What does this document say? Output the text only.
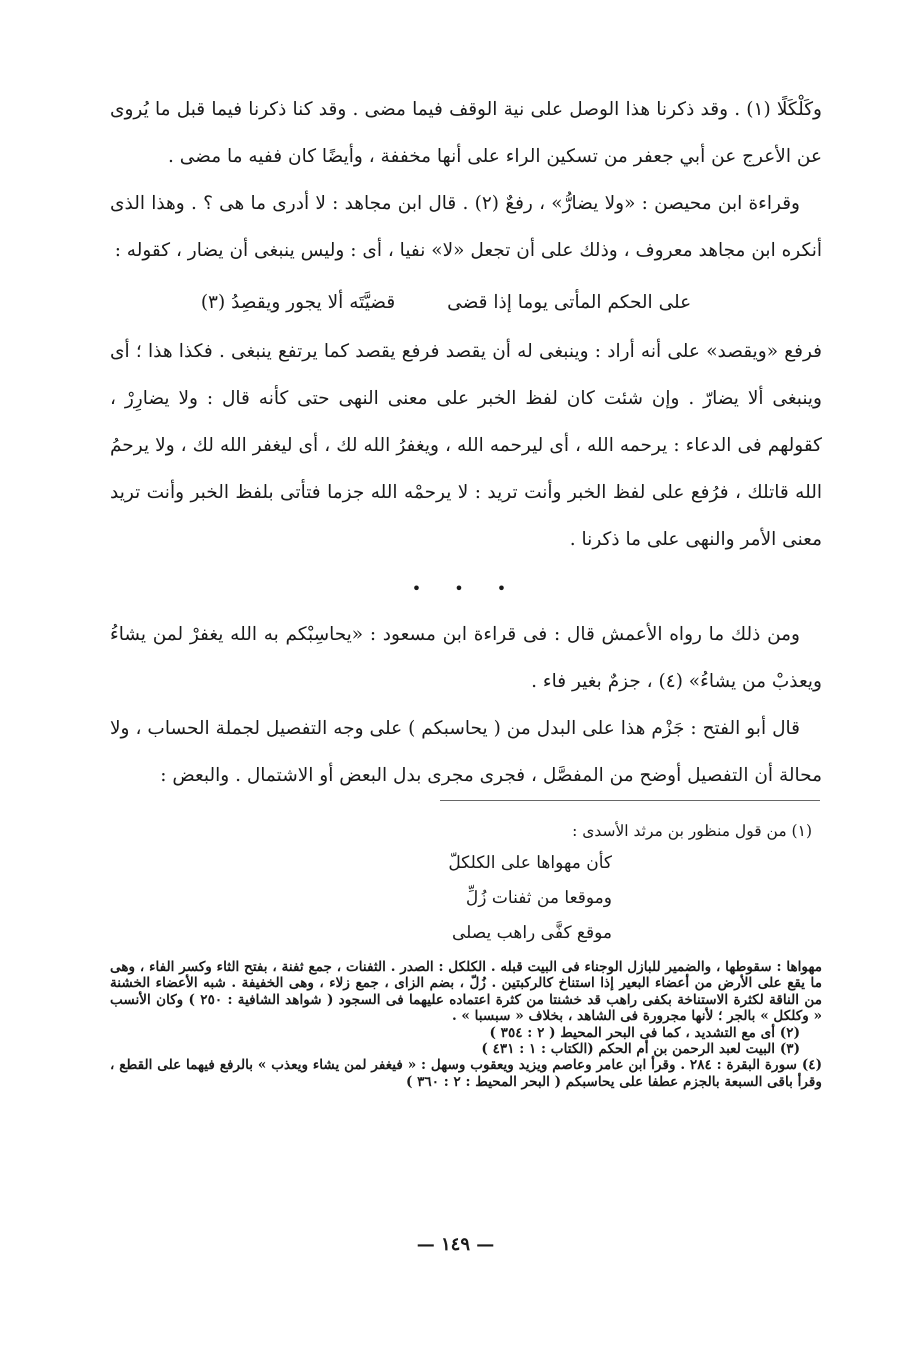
وكَلْكَلًا (١) . وقد ذكرنا هذا الوصل على نية الوقف فيما مضى . وقد كنا ذكرنا فيما قبل ما يُروى عن الأعرج عن أبي جعفر من تسكين الراء على أنها مخففة ، وأيضًا كان ففيه ما مضى .

وقراءة ابن محيصن : «ولا يضارُّ» ، رفعٌ (٢) . قال ابن مجاهد : لا أدرى ما هى ؟ . وهذا الذى أنكره ابن مجاهد معروف ، وذلك على أن تجعل «لا» نفيا ، أى : وليس ينبغى أن يضار ، كقوله :

على الحكم المأتى يوما إذا قضى
قضيَّتَه ألا يجور ويقصِدُ (٣)

فرفع «ويقصد» على أنه أراد : وينبغى له أن يقصد فرفع يقصد كما يرتفع ينبغى . فكذا هذا ؛ أى وينبغى ألا يضارّ . وإن شئت كان لفظ الخبر على معنى النهى حتى كأنه قال : ولا يضارِرْ ، كقولهم فى الدعاء : يرحمه الله ، أى ليرحمه الله ، ويغفرُ الله لك ، أى ليغفر الله لك ، ولا يرحمُ الله قاتلك ، فرُفع على لفظ الخبر وأنت تريد : لا يرحمْه الله جزما فتأتى بلفظ الخبر وأنت تريد معنى الأمر والنهى على ما ذكرنا .

• • •

ومن ذلك ما رواه الأعمش قال : فى قراءة ابن مسعود : «يحاسِبْكم به الله يغفرْ لمن يشاءُ ويعذبْ من يشاءُ» (٤) ، جزمٌ بغير فاء .

قال أبو الفتح : جَزْم هذا على البدل من ( يحاسبكم ) على وجه التفصيل لجملة الحساب ، ولا محالة أن التفصيل أوضح من المفصَّل ، فجرى مجرى بدل البعض أو الاشتمال . والبعض :

(١) من قول منظور بن مرثد الأسدى :

كأن مهواها على الكلكلّ

وموقعا من ثفنات زُلِّ

موقع كفَّى راهب يصلى

مهواها : سقوطها ، والضمير للبازل الوجناء فى البيت قبله . الكلكل : الصدر . الثفنات ، جمع ثفنة ، بفتح الثاء وكسر الفاء ، وهى ما يقع على الأرض من أعضاء البعير إذا استناخ كالركبتين . زُلّ ، بضم الزاى ، جمع زلاء ، وهى الخفيفة . شبه الأعضاء الخشنة من الناقة لكثرة الاستناخة بكفى راهب قد خشنتا من كثرة اعتماده عليهما فى السجود ( شواهد الشافية : ٢٥٠ ) وكان الأنسب « وكلكل » بالجر ؛ لأنها مجرورة فى الشاهد ، بخلاف « سبسبا » .

(٢) أى مع التشديد ، كما فى البحر المحيط ( ٢ : ٣٥٤ )

(٣) البيت لعبد الرحمن بن أم الحكم (الكتاب : ١ : ٤٣١ )

(٤) سورة البقرة : ٢٨٤ . وقرأ ابن عامر وعاصم ويزيد ويعقوب وسهل : « فيغفر لمن يشاء ويعذب » بالرفع فيهما على القطع ، وقرأ باقى السبعة بالجزم عطفا على يحاسبكم ( البحر المحيط : ٢ : ٣٦٠ )

— ١٤٩ —
